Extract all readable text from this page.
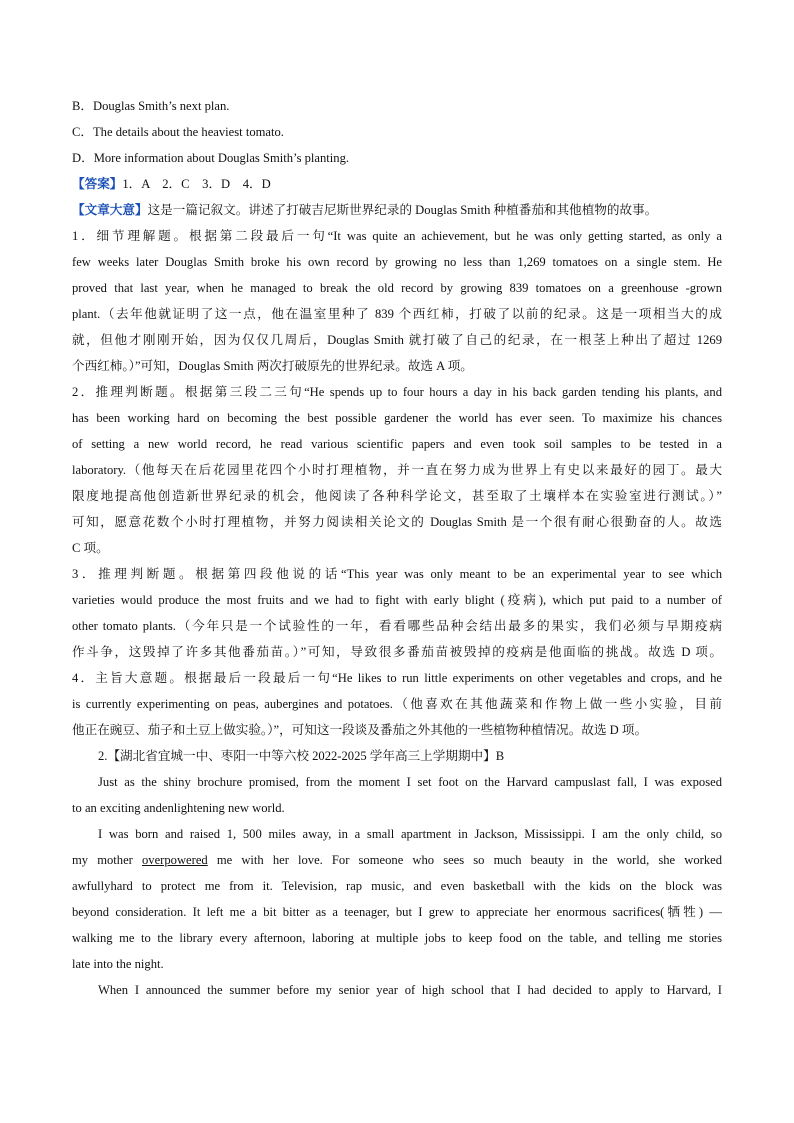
B．Douglas Smith’s next plan.

C．The details about the heaviest tomato.

D．More information about Douglas Smith’s planting.

【答案】1．A　2．C　3．D　4．D

【文章大意】这是一篇记叙文。讲述了打破吉尼斯世界纪录的 Douglas Smith 种植番茄和其他植物的故事。

1．细节理解题。根据第二段最后一句“It was quite an achievement, but he was only getting started, as only a

few weeks later Douglas Smith broke his own record by growing no less than 1,269 tomatoes on a single stem. He

proved that last year, when he managed to break the old record by growing 839 tomatoes on a greenhouse -grown

plant.（去年他就证明了这一点，他在温室里种了 839 个西红柿，打破了以前的纪录。这是一项相当大的成

就，但他才刚刚开始，因为仅仅几周后，Douglas Smith 就打破了自己的纪录，在一根茎上种出了超过 1269

个西红柿。）”可知，Douglas Smith 两次打破原先的世界纪录。故选 A 项。

2．推理判断题。根据第三段二三句“He spends up to four hours a day in his back garden tending his plants, and

has been working hard on becoming the best possible gardener the world has ever seen. To maximize his chances

of setting a new world record, he read various scientific papers and even took soil samples to be tested in a

laboratory.（他每天在后花园里花四个小时打理植物，并一直在努力成为世界上有史以来最好的园丁。最大

限度地提高他创造新世界纪录的机会，他阅读了各种科学论文，甚至取了土壤样本在实验室进行测试。）”

可知，愿意花数个小时打理植物，并努力阅读相关论文的 Douglas Smith 是一个很有耐心很勤奋的人。故选

C 项。

3．推理判断题。根据第四段他说的话“This year was only meant to be an experimental year to see which

varieties would produce the most fruits and we had to fight with early blight (疫病), which put paid to a number of

other tomato plants.（今年只是一个试验性的一年，看看哪些品种会结出最多的果实，我们必须与早期疫病

作斗争，这毁掉了许多其他番茄苗。）”可知，导致很多番茄苗被毁掉的疫病是他面临的挑战。故选 D 项。

4．主旨大意题。根据最后一段最后一句“He likes to run little experiments on other vegetables and crops, and he

is currently experimenting on peas, aubergines and potatoes.（他喜欢在其他蔬菜和作物上做一些小实验，目前

他正在豌豆、茄子和土豆上做实验。）”，可知这一段谈及番茄之外其他的一些植物种植情况。故选 D 项。

2.【湖北省宜城一中、枣阳一中等六校 2022-2025 学年高三上学期期中】B

Just as the shiny brochure promised, from the moment I set foot on the Harvard campuslast fall, I was exposed

to an exciting andenlightening new world.

I was born and raised 1, 500 miles away, in a small apartment in Jackson, Mississippi. I am the only child, so

my mother overpowered me with her love. For someone who sees so much beauty in the world, she worked

awfullyhard to protect me from it. Television, rap music, and even basketball with the kids on the block was

beyond consideration. It left me a bit bitter as a teenager, but I grew to appreciate her enormous sacrifices(牺牲) —

walking me to the library every afternoon, laboring at multiple jobs to keep food on the table, and telling me stories

late into the night.

When I announced the summer before my senior year of high school that I had decided to apply to Harvard, I
